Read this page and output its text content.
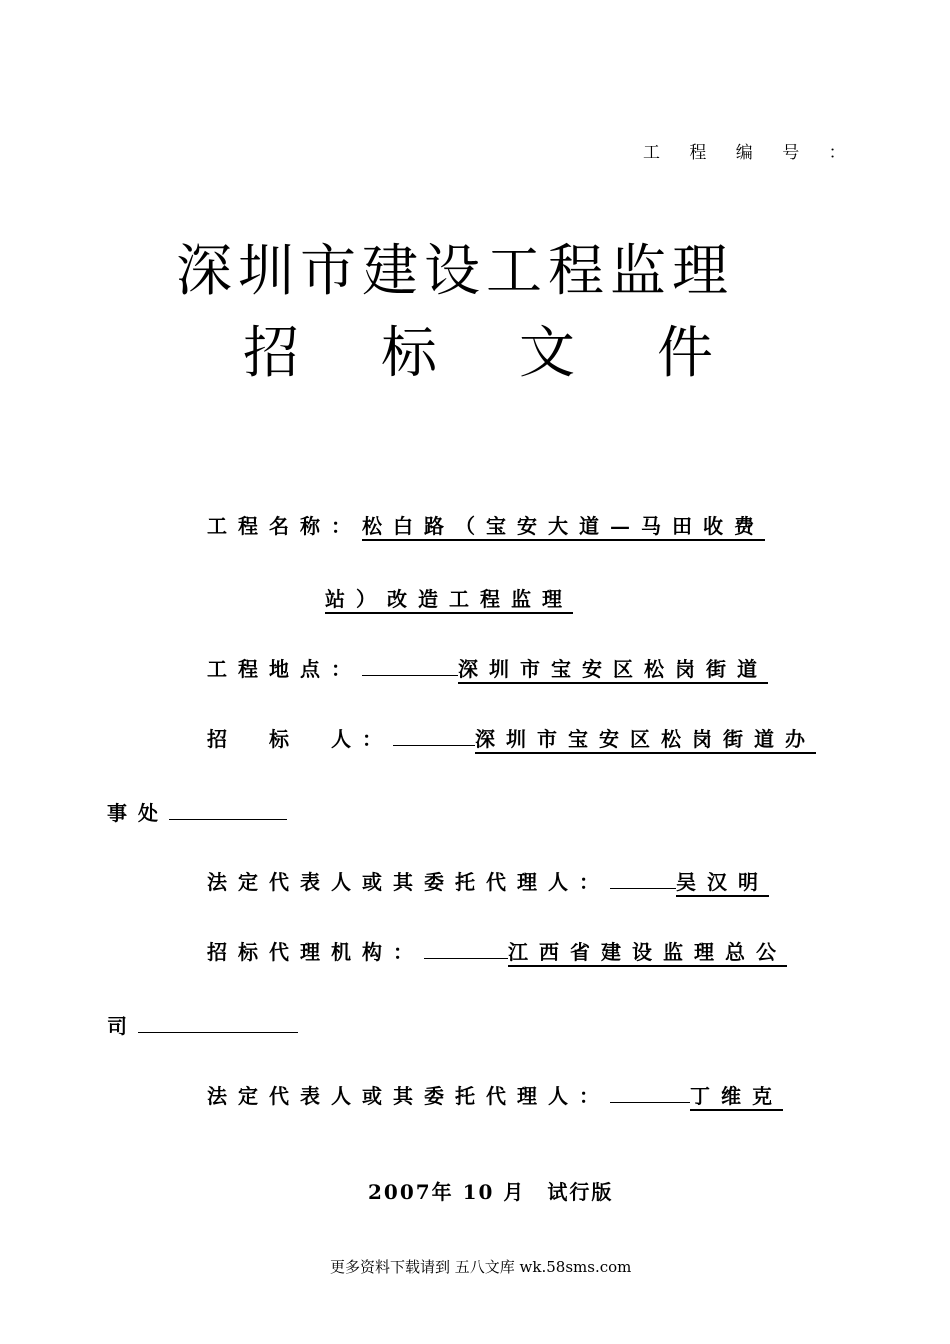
工 程 编 号 ：
深圳市建设工程监理
招标文件
工程名称：松白路（宝安大道—马田收费
站）改造工程监理
工程地点：	深圳市宝安区松岗街道
招　标　人：	深圳市宝安区松岗街道办
事处
法定代表人或其委托代理人：	吴汉明
招标代理机构：	江西省建设监理总公
司
法定代表人或其委托代理人：	丁维克
2007年 10 月　试行版
更多资料下载请到 五八文库 wk.58sms.com
